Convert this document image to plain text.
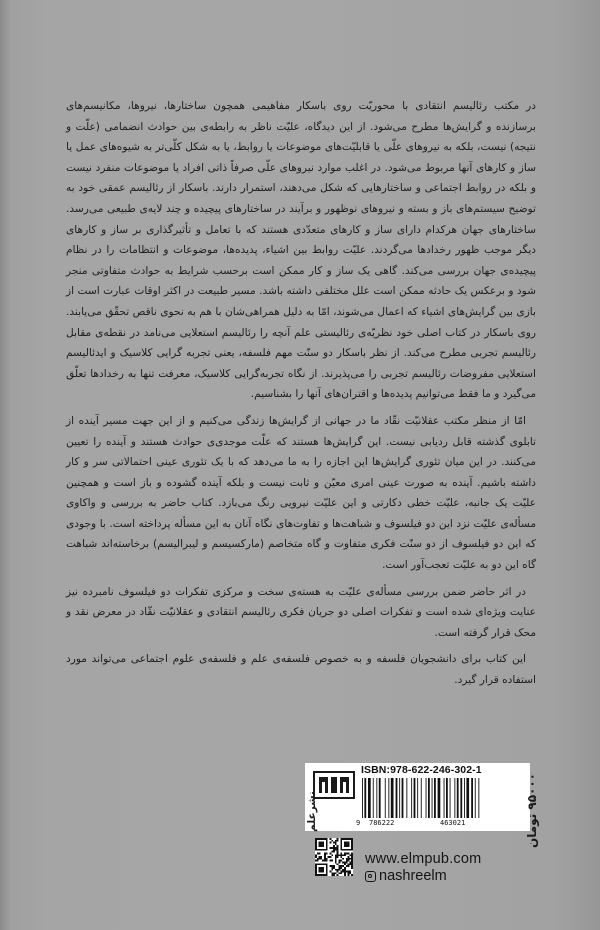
در مکتب رئالیسم انتقادی با محوریّت روی باسکار مفاهیمی همچون ساختارها، نیروها، مکانیسم‌های برسازنده و گرایش‌ها مطرح می‌شود. از این دیدگاه، علیّت ناظر به رابطه‌ی بین حوادث انضمامی (علّت و نتیجه) نیست، بلکه به نیروهای علّی یا قابلیّت‌های موضوعات یا روابط، یا به شکل کلّی‌تر به شیوه‌های عمل یا ساز و کارهای آنها مربوط می‌شود. در اغلب موارد نیروهای علّی صرفاً ذاتی افراد یا موضوعات منفرد نیست و بلکه در روابط اجتماعی و ساختارهایی که شکل می‌دهند، استمرار دارند. باسکار از رئالیسم عمقی خود به توضیح سیستم‌های باز و بسته و نیروهای نوظهور و برآیند در ساختارهای پیچیده و چند لایه‌ی طبیعی می‌رسد. ساختارهای جهان هرکدام دارای ساز و کارهای متعدّدی هستند که با تعامل و تأثیرگذاری بر ساز و کارهای دیگر موجب ظهور رخدادها می‌گردند. علیّت روابط بین اشیاء، پدیده‌ها، موضوعات و انتظامات را در نظام پیچیده‌ی جهان بررسی می‌کند. گاهی یک ساز و کار ممکن است برحسب شرایط به حوادث متفاوتی منجر شود و برعکس یک حادثه ممکن است علل مختلفی داشته باشد. مسیر طبیعت در اکثر اوقات عبارت است از بازی بین گرایش‌های اشیاء که اعمال می‌شوند، امّا به دلیل همراهی‌شان با هم به نحوی ناقص تحقّق می‌یابند. روی باسکار در کتاب اصلی خود نظریّه‌ی رئالیستی علم آنچه را رئالیسم استعلایی می‌نامد در نقطه‌ی مقابل رئالیسم تجربی مطرح می‌کند. از نظر باسکار دو سنّت مهم فلسفه، یعنی تجربه گرایی کلاسیک و ایدئالیسم استعلایی مفروضات رئالیسم تجربی را می‌پذیرند. از نگاه تجربه‌گرایی کلاسیک، معرفت تنها به رخدادها تعلّق می‌گیرد و ما فقط می‌توانیم پدیده‌ها و اقتران‌های آنها را بشناسیم.

امّا از منظر مکتب عقلانیّت نقّاد ما در جهانی از گرایش‌ها زندگی می‌کنیم و از این جهت مسیر آینده از تابلوی گذشته قابل ردیابی نیست. این گرایش‌ها هستند که علّت موجدی‌ی حوادث هستند و آینده را تعیین می‌کنند. در این میان تئوری گرایش‌ها این اجازه را به ما می‌دهد که با یک تئوری عینی احتمالاتی سر و کار داشته باشیم. آینده به صورت عینی امری معیّن و ثابت نیست و بلکه آینده گشوده و باز است و همچنین علیّت یک جانبه، علیّت خطی دکارتی و این علیّت نیرویی رنگ می‌بازد. کتاب حاضر به بررسی و واکاوی مسأله‌ی علیّت نزد این دو فیلسوف و شباهت‌ها و تفاوت‌های نگاه آنان به این مسأله پرداخته است. با وجودی که این دو فیلسوف از دو سنّت فکری متفاوت و گاه متخاصم (مارکسیسم و لیبرالیسم) برخاسته‌اند شباهت گاه این دو به علیّت تعجب‌آور است.

در اثر حاضر ضمن بررسی مسأله‌ی علیّت به هسته‌ی سخت و مرکزی تفکرات دو فیلسوف نامبرده نیز عنایت ویژه‌ای شده است و تفکرات اصلی دو جریان فکری رئالیسم انتقادی و عقلانیّت نقّاد در معرض نقد و محک قرار گرفته است.

این کتاب برای دانشجویان فلسفه و به خصوص فلسفه‌ی علم و فلسفه‌ی علوم اجتماعی می‌تواند مورد استفاده قرار گیرد.

ISBN:978-622-246-302-1
9 786222	463021	۹۵۰۰۰ تومان
نشرعلم
www.elmpub.com
nashreelm
